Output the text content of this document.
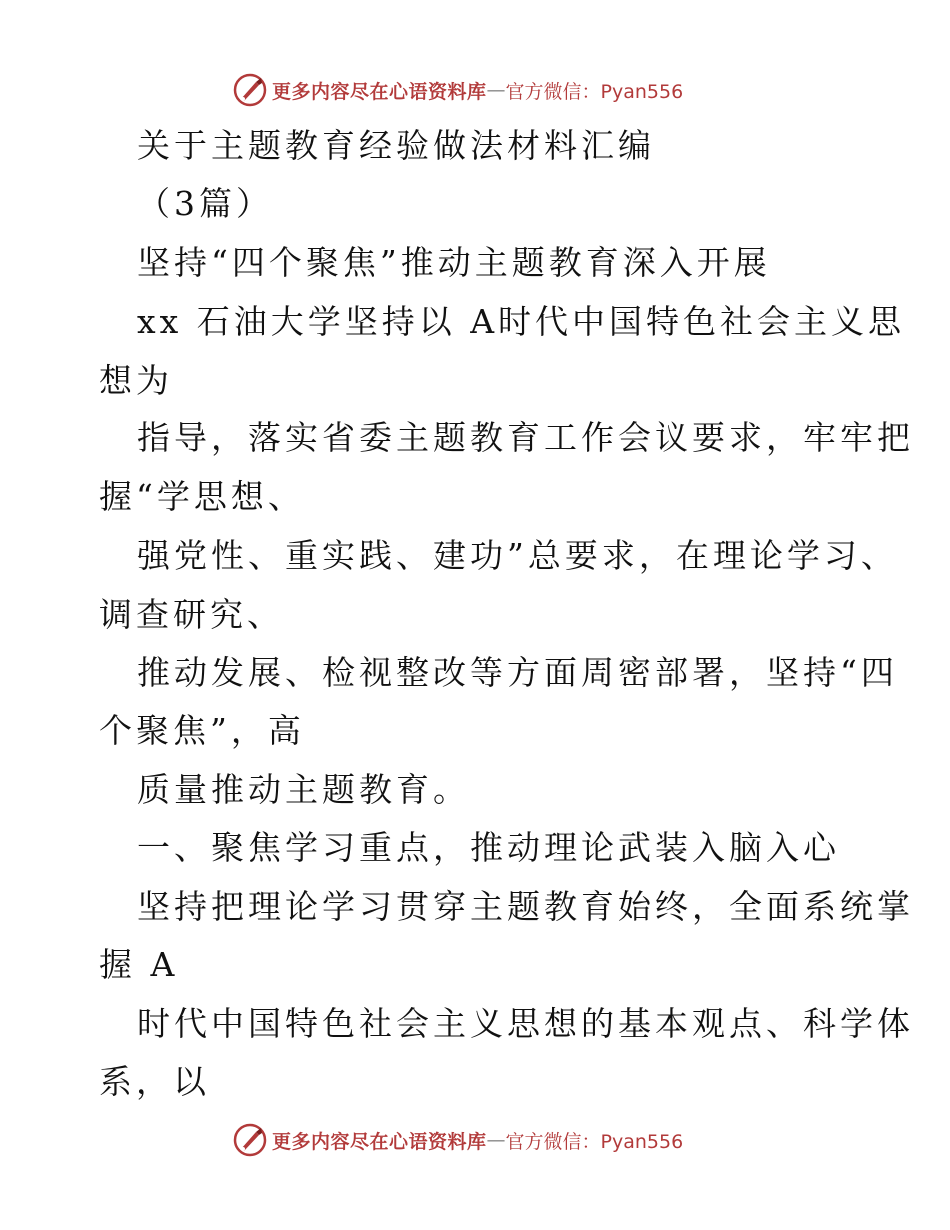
更多内容尽在心语资料库 — 官方微信：Pyan556
关于主题教育经验做法材料汇编
（3篇）
坚持“四个聚焦”推动主题教育深入开展
xx 石油大学坚持以 A时代中国特色社会主义思
想为
指导，落实省委主题教育工作会议要求，牢牢把
握“学思想、
强党性、重实践、建功”总要求，在理论学习、
调查研究、
推动发展、检视整改等方面周密部署，坚持“四
个聚焦”，高
质量推动主题教育。
一、聚焦学习重点，推动理论武装入脑入心
坚持把理论学习贯穿主题教育始终，全面系统掌
握 A
时代中国特色社会主义思想的基本观点、科学体
系，以
更多内容尽在心语资料库 — 官方微信：Pyan556
